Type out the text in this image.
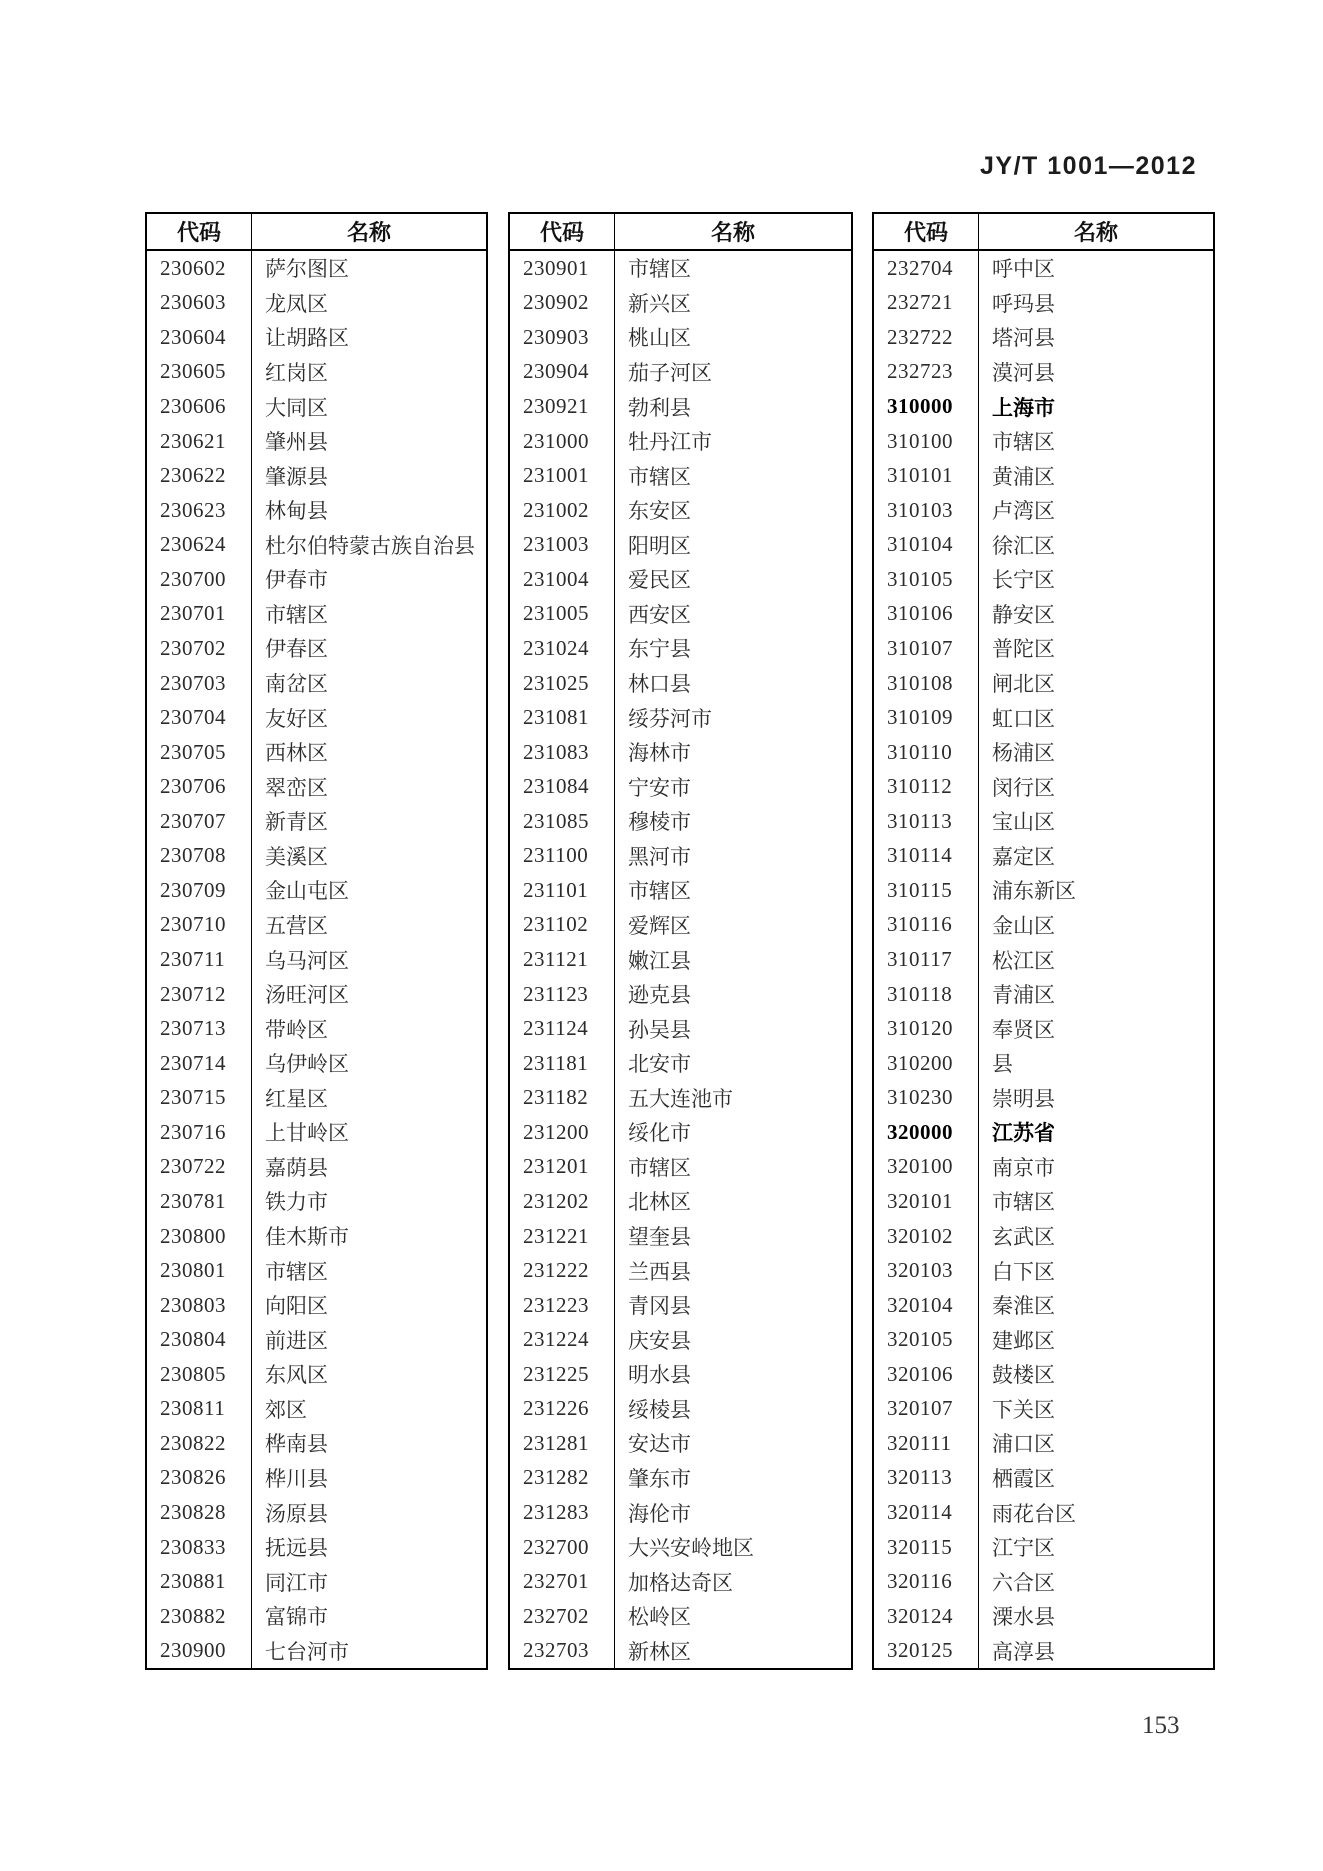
JY/T 1001—2012
代码	名称
230602	萨尔图区
230603	龙凤区
230604	让胡路区
230605	红岗区
230606	大同区
230621	肇州县
230622	肇源县
230623	林甸县
230624	杜尔伯特蒙古族自治县
230700	伊春市
230701	市辖区
230702	伊春区
230703	南岔区
230704	友好区
230705	西林区
230706	翠峦区
230707	新青区
230708	美溪区
230709	金山屯区
230710	五营区
230711	乌马河区
230712	汤旺河区
230713	带岭区
230714	乌伊岭区
230715	红星区
230716	上甘岭区
230722	嘉荫县
230781	铁力市
230800	佳木斯市
230801	市辖区
230803	向阳区
230804	前进区
230805	东风区
230811	郊区
230822	桦南县
230826	桦川县
230828	汤原县
230833	抚远县
230881	同江市
230882	富锦市
230900	七台河市
代码	名称
230901	市辖区
230902	新兴区
230903	桃山区
230904	茄子河区
230921	勃利县
231000	牡丹江市
231001	市辖区
231002	东安区
231003	阳明区
231004	爱民区
231005	西安区
231024	东宁县
231025	林口县
231081	绥芬河市
231083	海林市
231084	宁安市
231085	穆棱市
231100	黑河市
231101	市辖区
231102	爱辉区
231121	嫩江县
231123	逊克县
231124	孙吴县
231181	北安市
231182	五大连池市
231200	绥化市
231201	市辖区
231202	北林区
231221	望奎县
231222	兰西县
231223	青冈县
231224	庆安县
231225	明水县
231226	绥棱县
231281	安达市
231282	肇东市
231283	海伦市
232700	大兴安岭地区
232701	加格达奇区
232702	松岭区
232703	新林区
代码	名称
232704	呼中区
232721	呼玛县
232722	塔河县
232723	漠河县
310000	上海市
310100	市辖区
310101	黄浦区
310103	卢湾区
310104	徐汇区
310105	长宁区
310106	静安区
310107	普陀区
310108	闸北区
310109	虹口区
310110	杨浦区
310112	闵行区
310113	宝山区
310114	嘉定区
310115	浦东新区
310116	金山区
310117	松江区
310118	青浦区
310120	奉贤区
310200	县
310230	崇明县
320000	江苏省
320100	南京市
320101	市辖区
320102	玄武区
320103	白下区
320104	秦淮区
320105	建邺区
320106	鼓楼区
320107	下关区
320111	浦口区
320113	栖霞区
320114	雨花台区
320115	江宁区
320116	六合区
320124	溧水县
320125	高淳县
153
